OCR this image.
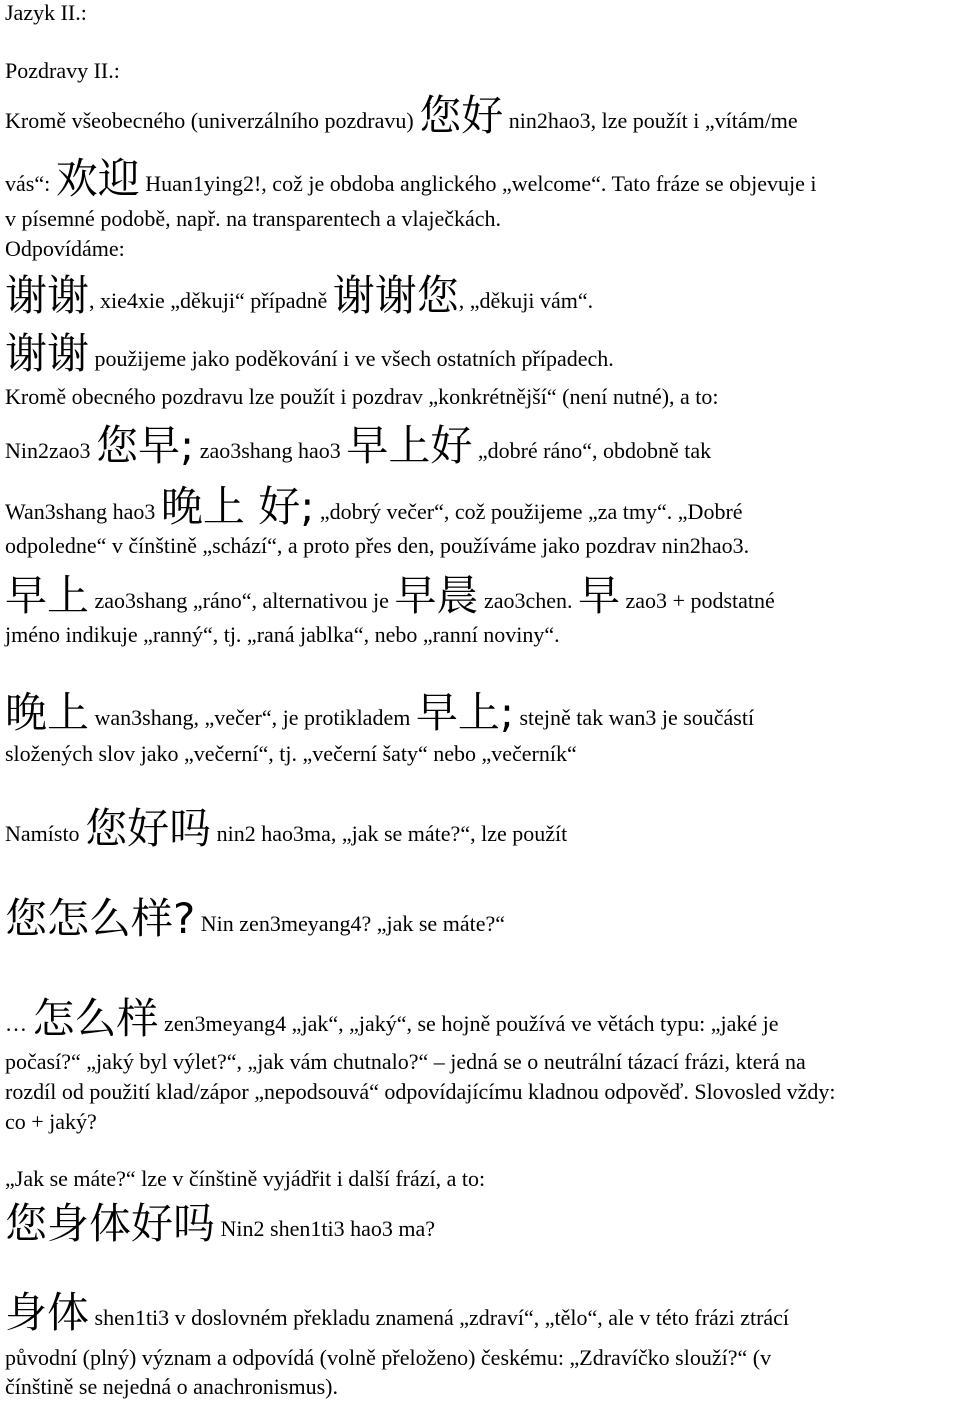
Jazyk II.:
Pozdravy II.:
Kromě všeobecného (univerzálního pozdravu) 您好 nin2hao3, lze použít i „vítám/me
vás“: 欢迎 Huan1ying2!, což je obdoba anglického „welcome“. Tato fráze se objevuje i
v písemné podobě, např. na transparentech a vlaječkách.
Odpovídáme:
谢谢, xie4xie „děkuji“ případně 谢谢您, „děkuji vám“.
谢谢 použijeme jako poděkování i ve všech ostatních případech.
Kromě obecného pozdravu lze použít i pozdrav „konkrétnější“ (není nutné), a to:
Nin2zao3 您早; zao3shang hao3 早上好 „dobré ráno“, obdobně tak
Wan3shang hao3 晚上 好; „dobrý večer“, což použijeme „za tmy“. „Dobré
odpoledne“ v čínštině „schází“, a proto přes den, používáme jako pozdrav nin2hao3.
早上 zao3shang „ráno“, alternativou je 早晨 zao3chen. 早 zao3 + podstatné
jméno indikuje „ranný“, tj. „raná jablka“, nebo „ranní noviny“.
晚上 wan3shang, „večer“, je protikladem 早上; stejně tak wan3 je součástí
složených slov jako „večerní“, tj. „večerní šaty“ nebo „večerník“
Namísto 您好吗 nin2 hao3ma, „jak se máte?“, lze použít
您怎么样? Nin zen3meyang4? „jak se máte?“
… 怎么样 zen3meyang4 „jak“, „jaký“, se hojně používá ve větách typu: „jaké je
počasí?“ „jaký byl výlet?“, „jak vám chutnalo?“ – jedná se o neutrální tázací frázi, která na
rozdíl od použití klad/zápor „nepodsouvá“ odpovídajícímu kladnou odpověď. Slovosled vždy:
co + jaký?
„Jak se máte?“ lze v čínštině vyjádřit i další frází, a to:
您身体好吗 Nin2 shen1ti3 hao3 ma?
身体 shen1ti3 v doslovném překladu znamená „zdraví“, „tělo“, ale v této frázi ztrácí
původní (plný) význam a odpovídá (volně přeloženo) českému: „Zdravíčko slouží?“ (v
čínštině se nejedná o anachronismus).
